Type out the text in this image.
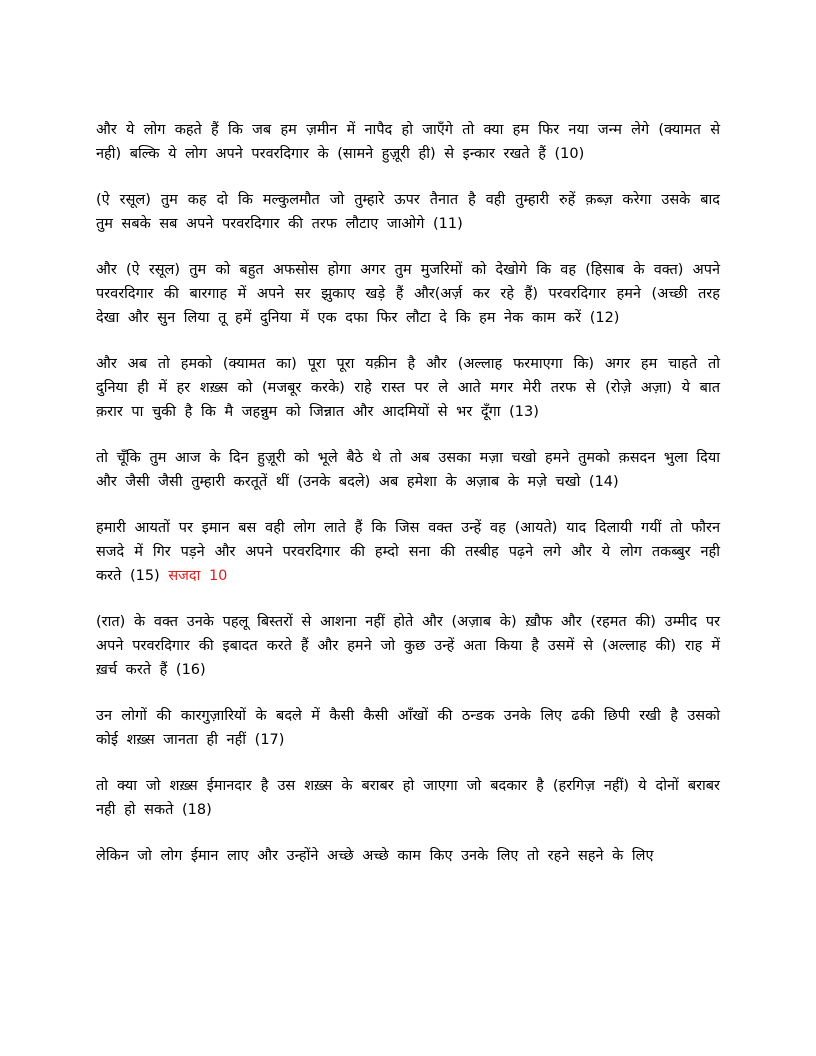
और ये लोग कहते हैं कि जब हम ज़मीन में नापैद हो जाएँगे तो क्या हम फिर नया जन्म लेगे (क्यामत से नही) बल्कि ये लोग अपने परवरदिगार के (सामने हुज़ूरी ही) से इन्कार रखते हैं (10)

(ऐ रसूल) तुम कह दो कि मल्कुलमौत जो तुम्हारे ऊपर तैनात है वही तुम्हारी रुहें क़ब्ज़ करेगा उसके बाद तुम सबके सब अपने परवरदिगार की तरफ लौटाए जाओगे (11)

और (ऐ रसूल) तुम को बहुत अफसोस होगा अगर तुम मुजरिमों को देखोगे कि वह (हिसाब के वक्त) अपने परवरदिगार की बारगाह में अपने सर झुकाए खड़े हैं और(अर्ज़ कर रहे हैं) परवरदिगार हमने (अच्छी तरह देखा और सुन लिया तू हमें दुनिया में एक दफा फिर लौटा दे कि हम नेक काम करें (12)

और अब तो हमको (क्यामत का) पूरा पूरा यक़ीन है और (अल्लाह फरमाएगा कि) अगर हम चाहते तो दुनिया ही में हर शख़्स को (मजबूर करके) राहे रास्त पर ले आते मगर मेरी तरफ से (रोज़े अज़ा) ये बात क़रार पा चुकी है कि मै जहन्नुम को जिन्नात और आदमियों से भर दूँगा (13)

तो चूँकि तुम आज के दिन हुज़ूरी को भूले बैठे थे तो अब उसका मज़ा चखो हमने तुमको क़सदन भुला दिया और जैसी जैसी तुम्हारी करतूतें थीं (उनके बदले) अब हमेशा के अज़ाब के मज़े चखो (14)

हमारी आयतों पर इमान बस वही लोग लाते हैं कि जिस वक्त उन्हें वह (आयते) याद दिलायी गयीं तो फौरन सजदे में गिर पड़ने और अपने परवरदिगार की हम्दो सना की तस्बीह पढ़ने लगे और ये लोग तकब्बुर नही करते (15) सजदा 10

(रात) के वक्त उनके पहलू बिस्तरों से आशना नहीं होते और (अज़ाब के) ख़ौफ और (रहमत की) उम्मीद पर अपने परवरदिगार की इबादत करते हैं और हमने जो कुछ उन्हें अता किया है उसमें से (अल्लाह की) राह में ख़र्च करते हैं (16)

उन लोगों की कारगुज़ारियों के बदले में कैसी कैसी आँखों की ठन्डक उनके लिए ढकी छिपी रखी है उसको कोई शख़्स जानता ही नहीं (17)

तो क्या जो शख़्स ईमानदार है उस शख़्स के बराबर हो जाएगा जो बदकार है (हरगिज़ नहीं) ये दोनों बराबर नही हो सकते (18)

लेकिन जो लोग ईमान लाए और उन्होंने अच्छे अच्छे काम किए उनके लिए तो रहने सहने के लिए
